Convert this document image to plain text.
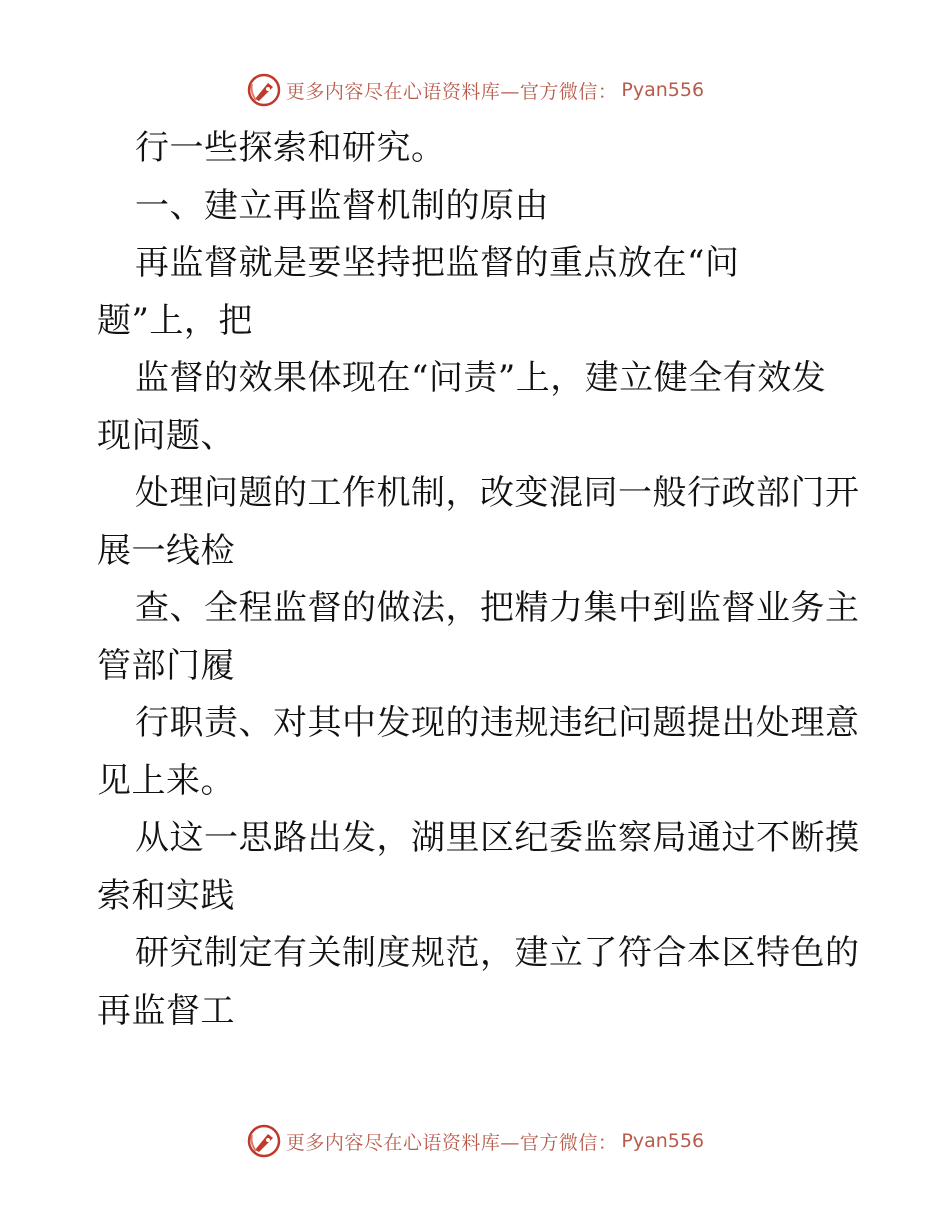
更多内容尽在心语资料库—官方微信： Pyan556
行一些探索和研究。
一、建立再监督机制的原由
再监督就是要坚持把监督的重点放在“问
题”上，把
监督的效果体现在“问责”上，建立健全有效发
现问题、
处理问题的工作机制，改变混同一般行政部门开
展一线检
查、全程监督的做法，把精力集中到监督业务主
管部门履
行职责、对其中发现的违规违纪问题提出处理意
见上来。
从这一思路出发，湖里区纪委监察局通过不断摸
索和实践
研究制定有关制度规范，建立了符合本区特色的
再监督工
更多内容尽在心语资料库—官方微信： Pyan556
